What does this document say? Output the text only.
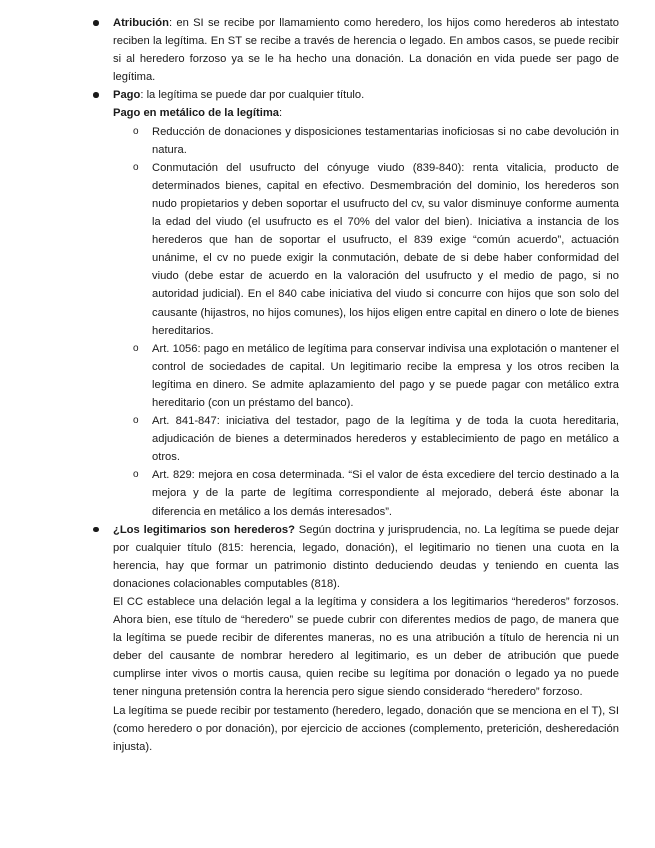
Atribución: en SI se recibe por llamamiento como heredero, los hijos como herederos ab intestato reciben la legítima. En ST se recibe a través de herencia o legado. En ambos casos, se puede recibir si al heredero forzoso ya se le ha hecho una donación. La donación en vida puede ser pago de legítima.
Pago: la legítima se puede dar por cualquier título.
Pago en metálico de la legítima:
o Reducción de donaciones y disposiciones testamentarias inoficiosas si no cabe devolución in natura.
o Conmutación del usufructo del cónyuge viudo (839-840): renta vitalicia, producto de determinados bienes, capital en efectivo. Desmembración del dominio, los herederos son nudo propietarios y deben soportar el usufructo del cv, su valor disminuye conforme aumenta la edad del viudo (el usufructo es el 70% del valor del bien). Iniciativa a instancia de los herederos que han de soportar el usufructo, el 839 exige “común acuerdo”, actuación unánime, el cv no puede exigir la conmutación, debate de si debe haber conformidad del viudo (debe estar de acuerdo en la valoración del usufructo y el medio de pago, si no autoridad judicial). En el 840 cabe iniciativa del viudo si concurre con hijos que son solo del causante (hijastros, no hijos comunes), los hijos eligen entre capital en dinero o lote de bienes hereditarios.
o Art. 1056: pago en metálico de legítima para conservar indivisa una explotación o mantener el control de sociedades de capital. Un legitimario recibe la empresa y los otros reciben la legítima en dinero. Se admite aplazamiento del pago y se puede pagar con metálico extra hereditario (con un préstamo del banco).
o Art. 841-847: iniciativa del testador, pago de la legítima y de toda la cuota hereditaria, adjudicación de bienes a determinados herederos y establecimiento de pago en metálico a otros.
o Art. 829: mejora en cosa determinada. “Si el valor de ésta excediere del tercio destinado a la mejora y de la parte de legítima correspondiente al mejorado, deberá éste abonar la diferencia en metálico a los demás interesados”.
¿Los legitimarios son herederos? Según doctrina y jurisprudencia, no. La legítima se puede dejar por cualquier título (815: herencia, legado, donación), el legitimario no tienen una cuota en la herencia, hay que formar un patrimonio distinto deduciendo deudas y teniendo en cuenta las donaciones colacionables computables (818).
El CC establece una delación legal a la legítima y considera a los legitimarios “herederos” forzosos. Ahora bien, ese título de “heredero” se puede cubrir con diferentes medios de pago, de manera que la legítima se puede recibir de diferentes maneras, no es una atribución a título de herencia ni un deber del causante de nombrar heredero al legitimario, es un deber de atribución que puede cumplirse inter vivos o mortis causa, quien recibe su legítima por donación o legado ya no puede tener ninguna pretensión contra la herencia pero sigue siendo considerado “heredero” forzoso.
La legítima se puede recibir por testamento (heredero, legado, donación que se menciona en el T), SI (como heredero o por donación), por ejercicio de acciones (complemento, preterición, desheredación injusta).
